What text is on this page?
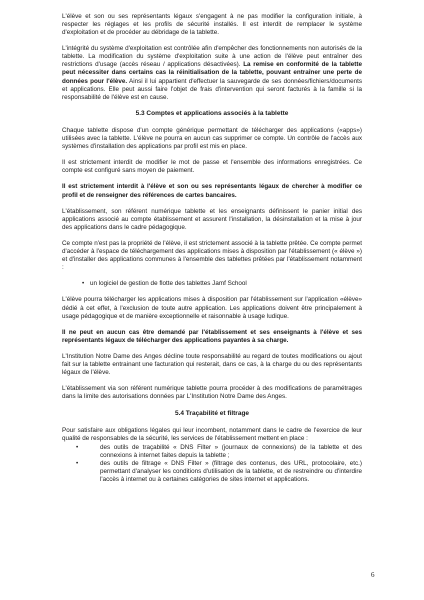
L'élève et son ou ses représentants légaux s'engagent à ne pas modifier la configuration initiale, à respecter les réglages et les profils de sécurité installés. Il est interdit de remplacer le système d'exploitation et de procéder au débridage de la tablette.

L'intégrité du système d'exploitation est contrôlée afin d'empêcher des fonctionnements non autorisés de la tablette. La modification du système d'exploitation suite à une action de l'élève peut entraîner des restrictions d'usage (accès réseau / applications désactivées). La remise en conformité de la tablette peut nécessiter dans certains cas la réinitialisation de la tablette, pouvant entraîner une perte de données pour l'élève. Ainsi il lui appartient d'effectuer la sauvegarde de ses données/fichiers/documents et applications. Elle peut aussi faire l'objet de frais d'intervention qui seront facturés à la famille si la responsabilité de l'élève est en cause.

5.3 Comptes et applications associés à la tablette

Chaque tablette dispose d'un compte générique permettant de télécharger des applications («apps») utilisées avec la tablette. L'élève ne pourra en aucun cas supprimer ce compte. Un contrôle de l'accès aux systèmes d'installation des applications par profil est mis en place.

Il est strictement interdit de modifier le mot de passe et l'ensemble des informations enregistrées. Ce compte est configuré sans moyen de paiement.

Il est strictement interdit à l'élève et son ou ses représentants légaux de chercher à modifier ce profil et de renseigner des références de cartes bancaires.

L'établissement, son référent numérique tablette et les enseignants définissent le panier initial des applications associé au compte établissement et assurent l'installation, la désinstallation et la mise à jour des applications dans le cadre pédagogique.

Ce compte n'est pas la propriété de l'élève, il est strictement associé à la tablette prêtée. Ce compte permet d'accéder à l'espace de téléchargement des applications mises à disposition par l'établissement (« élève ») et d'installer des applications communes à l'ensemble des tablettes prêtées par l'établissement notamment :

• un logiciel de gestion de flotte des tablettes Jamf School

L'élève pourra télécharger les applications mises à disposition par l'établissement sur l'application «élève» dédié à cet effet, à l'exclusion de toute autre application. Les applications doivent être principalement à usage pédagogique et de manière exceptionnelle et raisonnable à usage ludique.

Il ne peut en aucun cas être demandé par l'établissement et ses enseignants à l'élève et ses représentants légaux de télécharger des applications payantes à sa charge.

L'Institution Notre Dame des Anges décline toute responsabilité au regard de toutes modifications ou ajout fait sur la tablette entrainant une facturation qui resterait, dans ce cas, à la charge du ou des représentants légaux de l'élève.

L'établissement via son référent numérique tablette pourra procéder à des modifications de paramétrages dans la limite des autorisations données par L'Institution Notre Dame des Anges.

5.4 Traçabilité et filtrage

Pour satisfaire aux obligations légales qui leur incombent, notamment dans le cadre de l'exercice de leur qualité de responsables de la sécurité, les services de l'établissement mettent en place :

•	des outils de traçabilité « DNS Filter » (journaux de connexions) de la tablette et des connexions à internet faites depuis la tablette ;
•	des outils de filtrage « DNS Filter » (filtrage des contenus, des URL, protocolaire, etc.) permettant d'analyser les conditions d'utilisation de la tablette, et de restreindre ou d'interdire l'accès à internet ou à certaines catégories de sites internet et applications.
6
